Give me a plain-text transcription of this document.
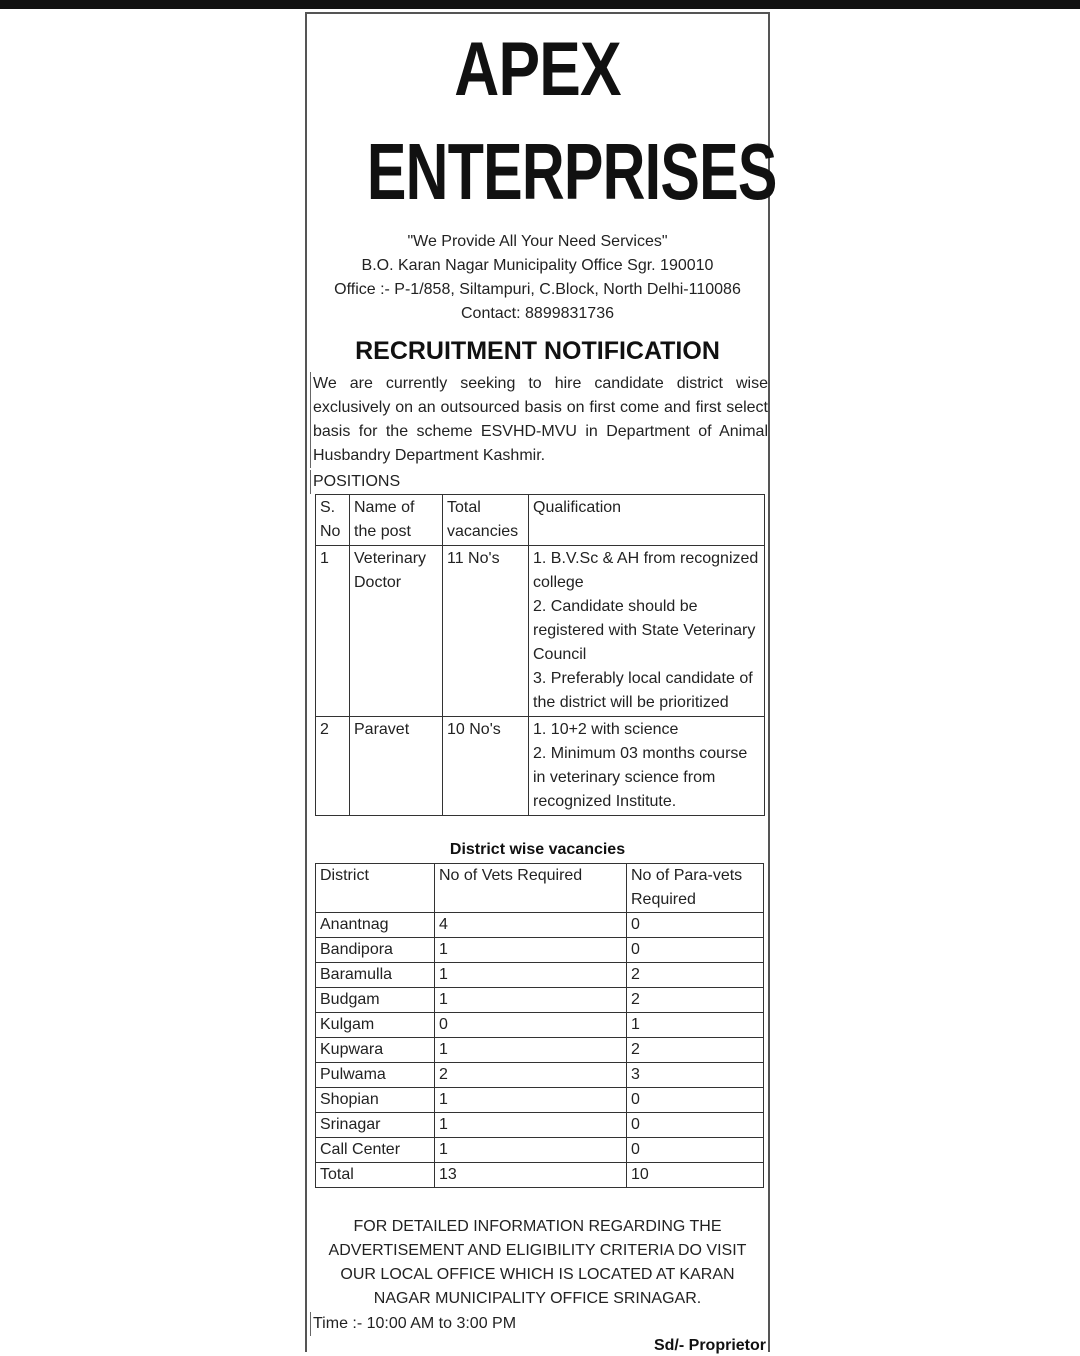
APEX
ENTERPRISES
"We Provide All Your Need Services"
B.O. Karan Nagar Municipality Office Sgr. 190010
Office :- P-1/858, Siltampuri, C.Block, North Delhi-110086
Contact: 8899831736
RECRUITMENT NOTIFICATION
We are currently seeking to hire candidate district wise exclusively on an outsourced basis on first come and first select basis for the scheme ESVHD-MVU in Department of Animal Husbandry Department Kashmir.
POSITIONS
S. No	Name of the post	Total vacancies	Qualification
1	Veterinary Doctor	11 No's	1. B.V.Sc & AH from recognized college
2. Candidate should be registered with State Veterinary Council
3. Preferably local candidate of the district will be prioritized

2	Paravet	10 No's	1. 10+2 with science
2. Minimum 03 months course in veterinary science from recognized Institute.
District wise vacancies
District	No of Vets Required	No of Para-vets Required
Anantnag	4	0
Bandipora	1	0
Baramulla	1	2
Budgam	1	2
Kulgam	0	1
Kupwara	1	2
Pulwama	2	3
Shopian	1	0
Srinagar	1	0
Call Center	1	0
Total	13	10
FOR DETAILED INFORMATION REGARDING THE
ADVERTISEMENT AND ELIGIBILITY CRITERIA DO VISIT
OUR LOCAL OFFICE WHICH IS LOCATED AT KARAN
NAGAR MUNICIPALITY OFFICE SRINAGAR.
Time :- 10:00 AM to 3:00 PM
Sd/- Proprietor
